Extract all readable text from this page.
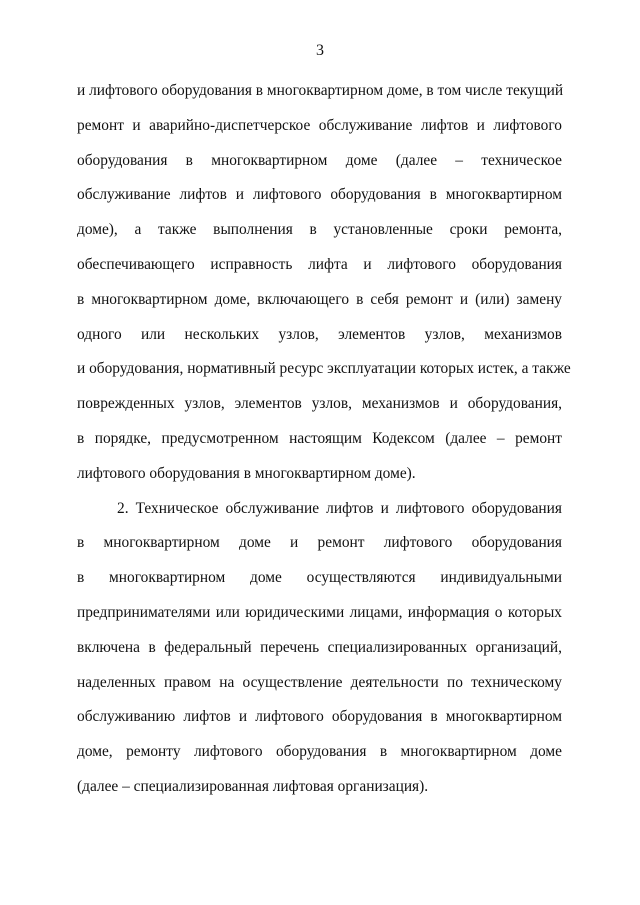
3
и лифтового оборудования в многоквартирном доме, в том числе текущий
ремонт и аварийно-диспетчерское обслуживание лифтов и лифтового
оборудования в многоквартирном доме (далее – техническое
обслуживание лифтов и лифтового оборудования в многоквартирном
доме), а также выполнения в установленные сроки ремонта,
обеспечивающего исправность лифта и лифтового оборудования
в многоквартирном доме, включающего в себя ремонт и (или) замену
одного или нескольких узлов, элементов узлов, механизмов
и оборудования, нормативный ресурс эксплуатации которых истек, а также
поврежденных узлов, элементов узлов, механизмов и оборудования,
в порядке, предусмотренном настоящим Кодексом (далее – ремонт
лифтового оборудования в многоквартирном доме).
2. Техническое обслуживание лифтов и лифтового оборудования
в многоквартирном доме и ремонт лифтового оборудования
в многоквартирном доме осуществляются индивидуальными
предпринимателями или юридическими лицами, информация о которых
включена в федеральный перечень специализированных организаций,
наделенных правом на осуществление деятельности по техническому
обслуживанию лифтов и лифтового оборудования в многоквартирном
доме, ремонту лифтового оборудования в многоквартирном доме
(далее – специализированная лифтовая организация).
